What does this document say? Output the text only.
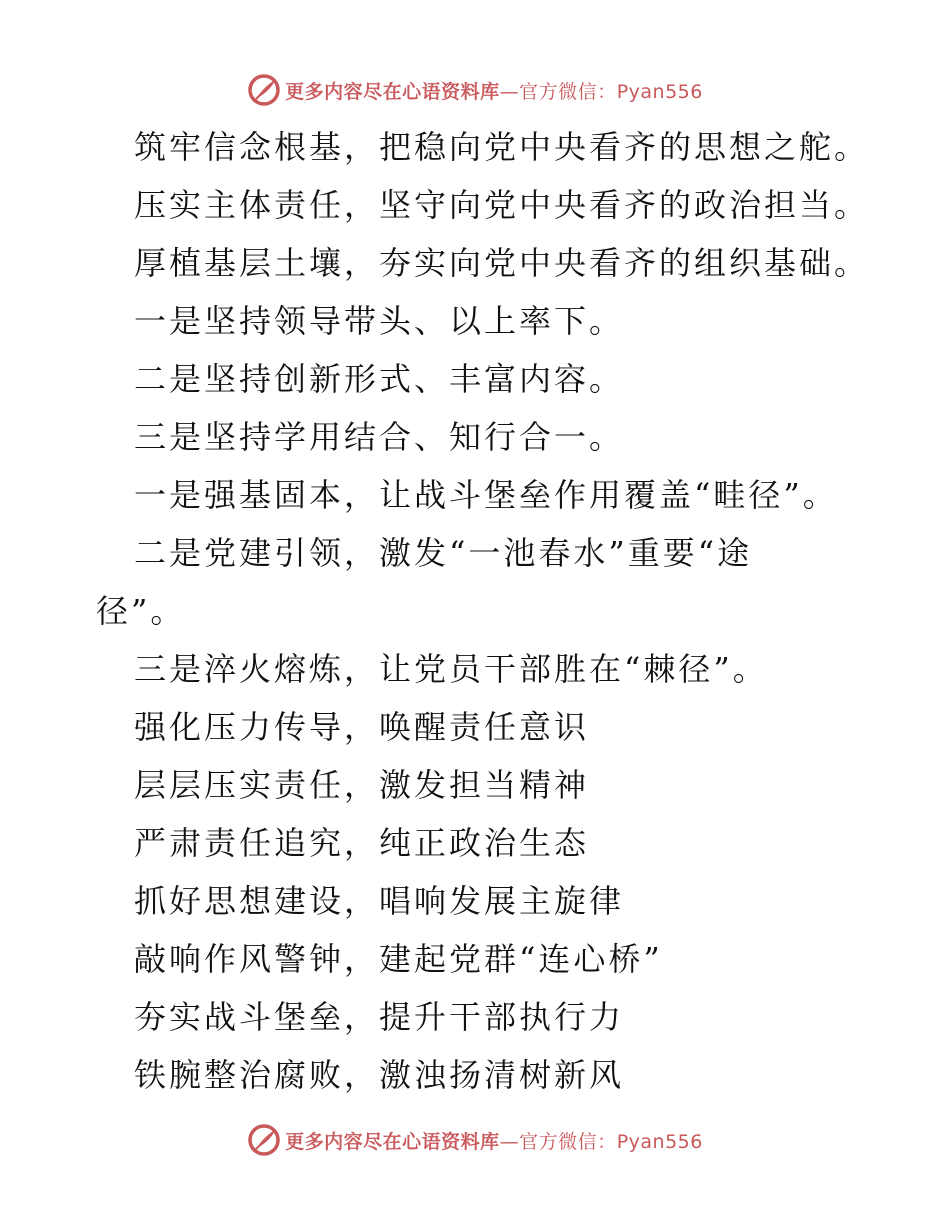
更多内容尽在心语资料库—官方微信：Pyan556
筑牢信念根基，把稳向党中央看齐的思想之舵。
压实主体责任，坚守向党中央看齐的政治担当。
厚植基层土壤，夯实向党中央看齐的组织基础。
一是坚持领导带头、以上率下。
二是坚持创新形式、丰富内容。
三是坚持学用结合、知行合一。
一是强基固本，让战斗堡垒作用覆盖“畦径”。
二是党建引领，激发“一池春水”重要“途
径”。
三是淬火熔炼，让党员干部胜在“棘径”。
强化压力传导，唤醒责任意识
层层压实责任，激发担当精神
严肃责任追究，纯正政治生态
抓好思想建设，唱响发展主旋律
敲响作风警钟，建起党群“连心桥”
夯实战斗堡垒，提升干部执行力
铁腕整治腐败，激浊扬清树新风
更多内容尽在心语资料库—官方微信：Pyan556
